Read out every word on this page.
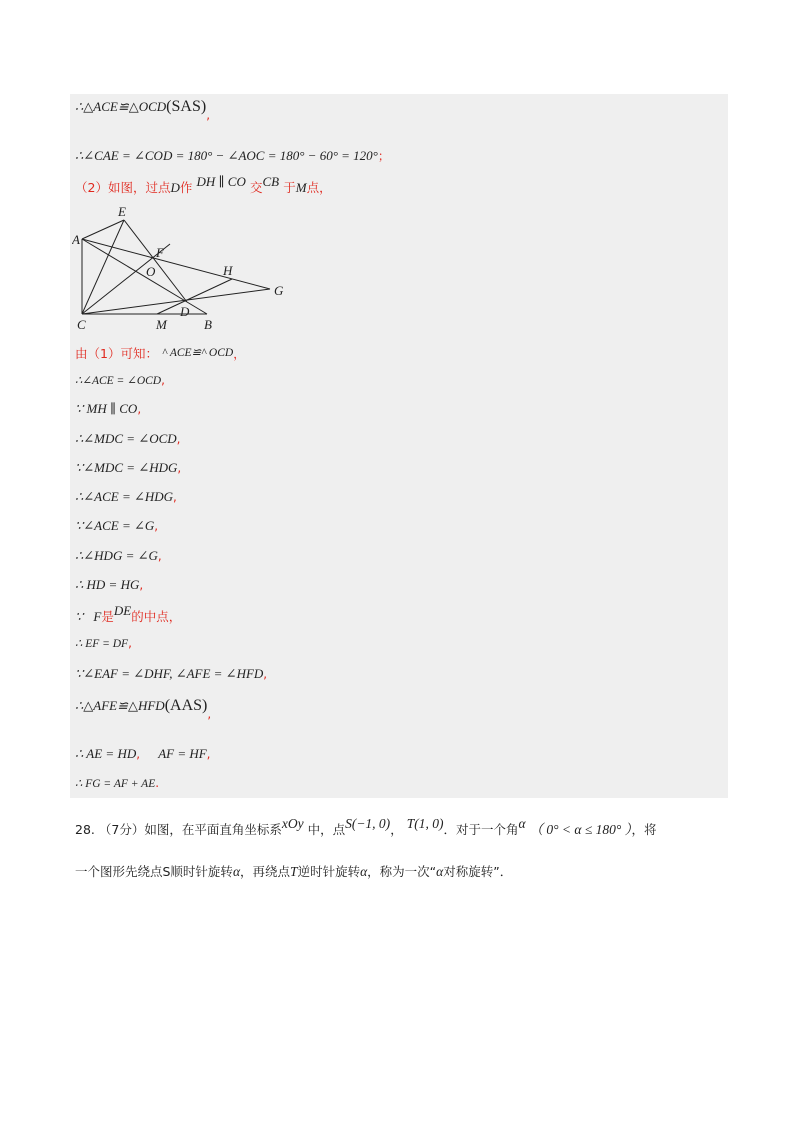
∴△ACE≌△OCD(SAS),
∴∠CAE = ∠COD = 180° − ∠AOC = 180° − 60° = 120°；
（2）如图，过点D作 DH ∥ CO 交CB 于M点，
A
E
F
O	H
G
C	M
D
B
由（1）可知： ^ ACE≌^ OCD，
∴∠ACE = ∠OCD,
∵ MH ∥ CO,
∴∠MDC = ∠OCD,
∵∠MDC = ∠HDG,
∴∠ACE = ∠HDG,
∵∠ACE = ∠G,
∴∠HDG = ∠G,
∴ HD = HG,
∵ F是DE的中点，
∴ EF = DF,
∵∠EAF = ∠DHF, ∠AFE = ∠HFD,
∴△AFE≌△HFD(AAS),
∴ AE = HD, AF = HF,
∴ FG = AF + AE.
28. （7分）如图，在平面直角坐标系xOy 中，点S(−1, 0)， T(1, 0)．对于一个角α （ 0° < α ≤ 180° ），将
一个图形先绕点S顺时针旋转α，再绕点T逆时针旋转α，称为一次“α对称旋转”．
